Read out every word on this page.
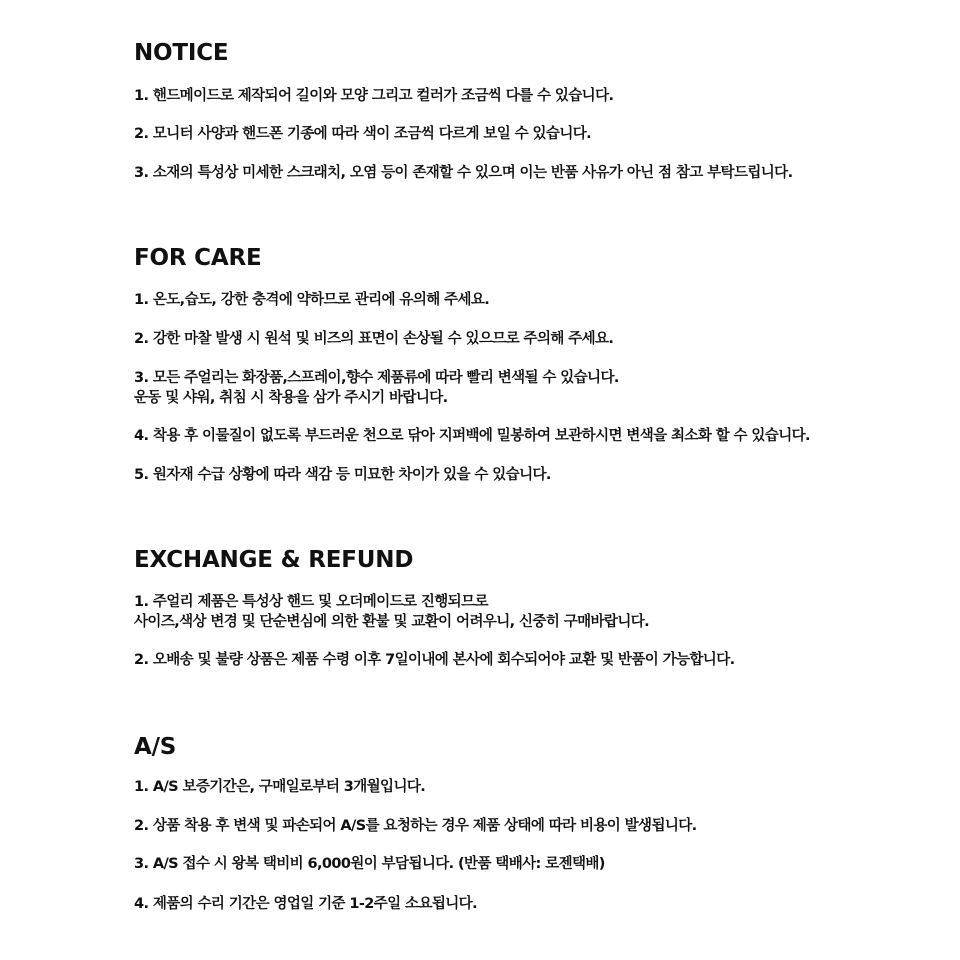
NOTICE

1. 핸드메이드로 제작되어 길이와 모양 그리고 컬러가 조금씩 다를 수 있습니다.

2. 모니터 사양과 핸드폰 기종에 따라 색이 조금씩 다르게 보일 수 있습니다.

3. 소재의 특성상 미세한 스크래치, 오염 등이 존재할 수 있으며 이는 반품 사유가 아닌 점 참고 부탁드립니다.

FOR CARE

1. 온도,습도, 강한 충격에 약하므로 관리에 유의해 주세요.

2. 강한 마찰 발생 시 원석 및 비즈의 표면이 손상될 수 있으므로 주의해 주세요.

3. 모든 주얼리는 화장품,스프레이,향수 제품류에 따라 빨리 변색될 수 있습니다.
운동 및 샤워, 취침 시 착용을 삼가 주시기 바랍니다.

4. 착용 후 이물질이 없도록 부드러운 천으로 닦아 지퍼백에 밀봉하여 보관하시면 변색을 최소화 할 수 있습니다.

5. 원자재 수급 상황에 따라 색감 등 미묘한 차이가 있을 수 있습니다.

EXCHANGE & REFUND

1. 주얼리 제품은 특성상 핸드 및 오더메이드로 진행되므로
사이즈,색상 변경 및 단순변심에 의한 환불 및 교환이 어려우니, 신중히 구매바랍니다.

2. 오배송 및 불량 상품은 제품 수령 이후 7일이내에 본사에 회수되어야 교환 및 반품이 가능합니다.

A/S

1. A/S 보증기간은, 구매일로부터 3개월입니다.

2. 상품 착용 후 변색 및 파손되어 A/S를 요청하는 경우 제품 상태에 따라 비용이 발생됩니다.

3. A/S 접수 시 왕복 택비비 6,000원이 부담됩니다. (반품 택배사: 로젠택배)

4. 제품의 수리 기간은 영업일 기준 1-2주일 소요됩니다.
